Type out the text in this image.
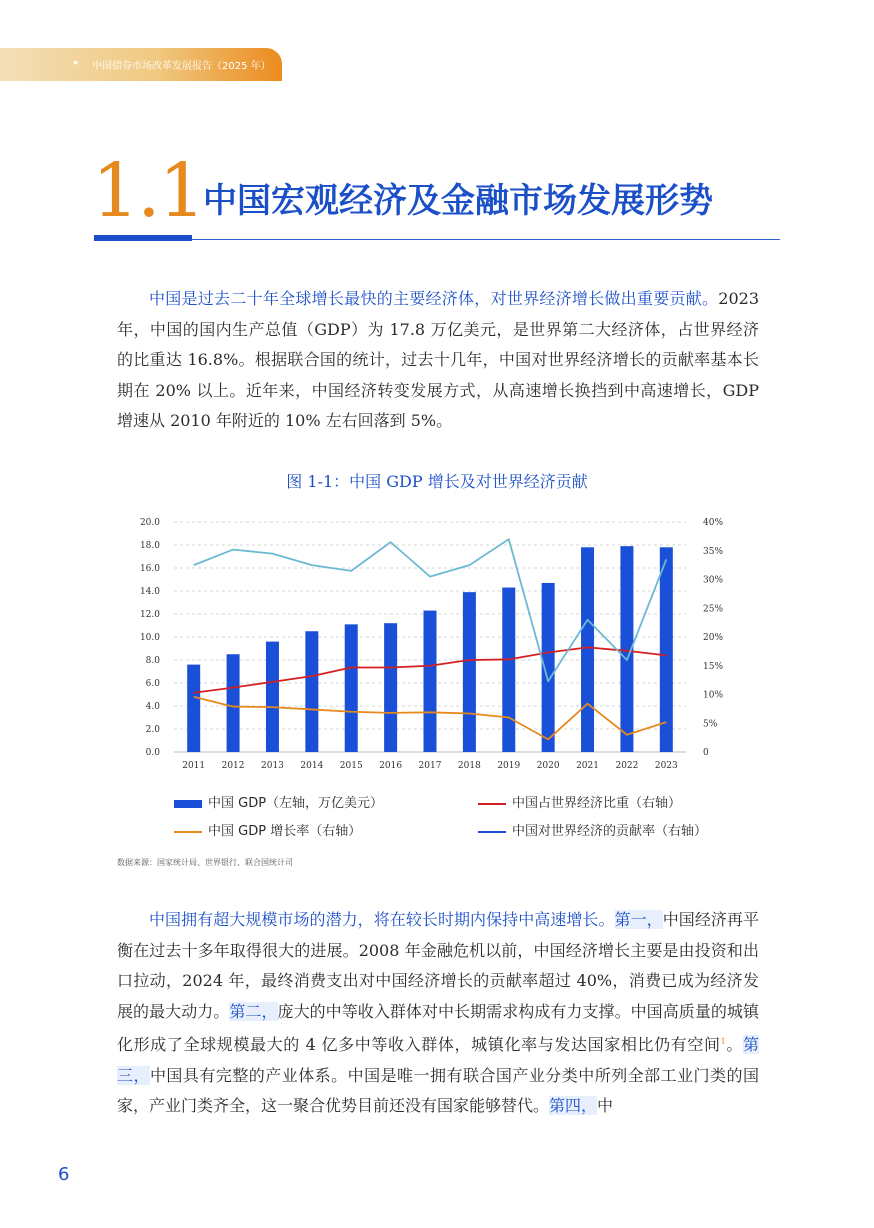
▸ 中国债券市场改革发展报告（2025 年）
1.1 中国宏观经济及金融市场发展形势

中国是过去二十年全球增长最快的主要经济体，对世界经济增长做出重要贡献。2023 年，中国的国内生产总值（GDP）为 17.8 万亿美元，是世界第二大经济体，占世界经济的比重达 16.8%。根据联合国的统计，过去十几年，中国对世界经济增长的贡献率基本长期在 20% 以上。近年来，中国经济转变发展方式，从高速增长换挡到中高速增长，GDP 增速从 2010 年附近的 10% 左右回落到 5%。

图 1-1：中国 GDP 增长及对世界经济贡献
0.0
2.0
4.0
6.0
8.0
10.0
12.0
14.0
16.0
18.0
20.0
0
5%
10%
15%
20%
25%
30%
35%
40%
2011 2012 2013 2014 2015 2016 2017 2018 2019 2020 2021 2022 2023
中国 GDP（左轴，万亿美元）	中国占世界经济比重（右轴）
中国 GDP 增长率（右轴）	中国对世界经济的贡献率（右轴）
数据来源：国家统计局、世界银行、联合国统计司

中国拥有超大规模市场的潜力，将在较长时期内保持中高速增长。第一，中国经济再平衡在过去十多年取得很大的进展。2008 年金融危机以前，中国经济增长主要是由投资和出口拉动，2024 年，最终消费支出对中国经济增长的贡献率超过 40%，消费已成为经济发展的最大动力。第二，庞大的中等收入群体对中长期需求构成有力支撑。中国高质量的城镇化形成了全球规模最大的 4 亿多中等收入群体，城镇化率与发达国家相比仍有空间$^1$。第三，中国具有完整的产业体系。中国是唯一拥有联合国产业分类中所列全部工业门类的国家，产业门类齐全，这一聚合优势目前还没有国家能够替代。第四，中

6
